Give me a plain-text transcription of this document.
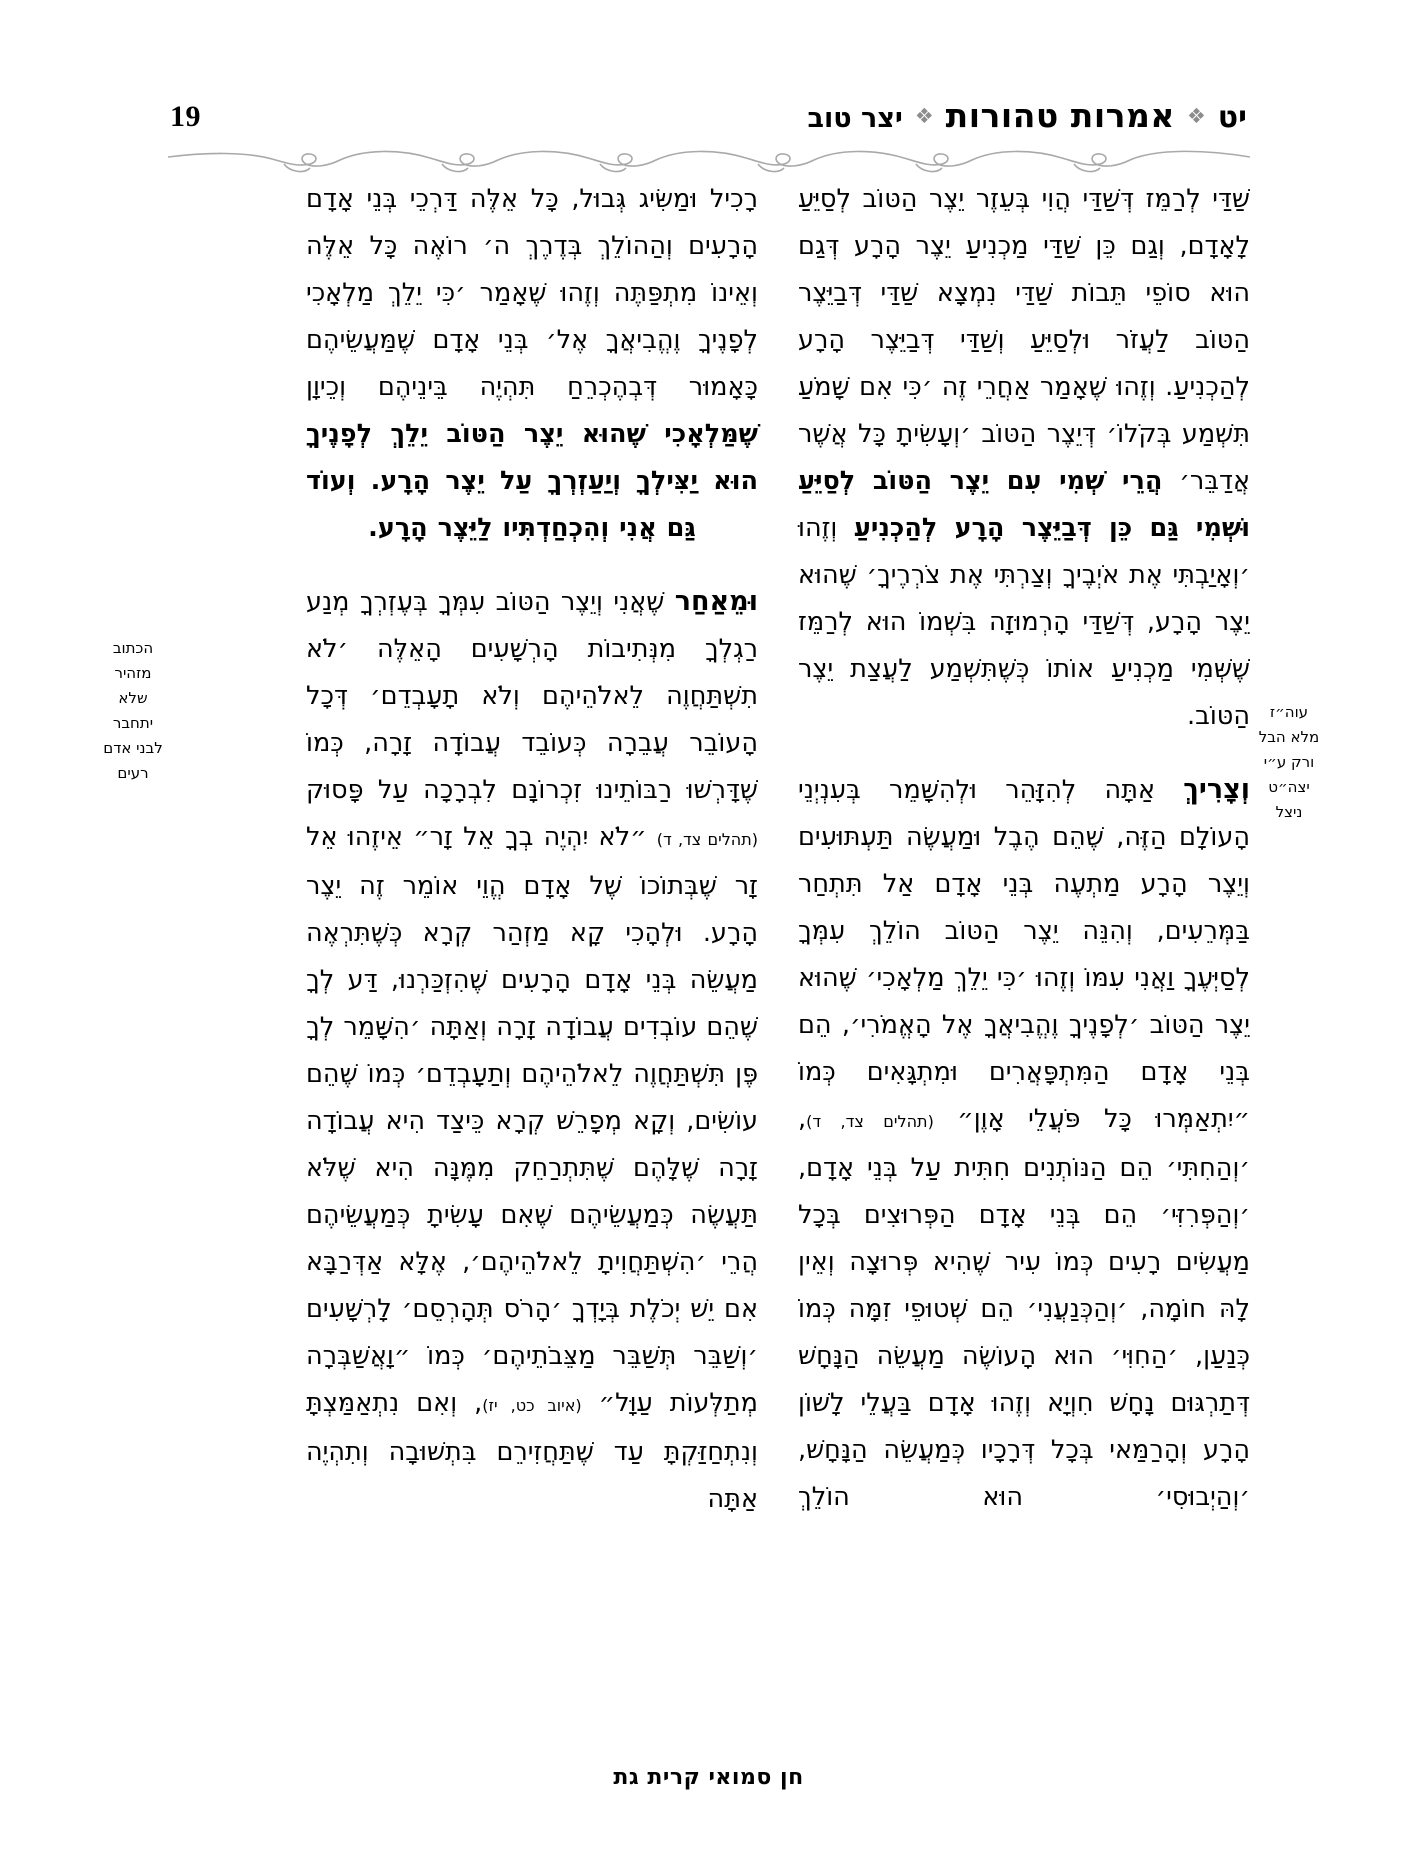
19	יט
❖
אמרות טהורות
❖
יצר טוב
הכתוב
מזהיר
שלא
יתחבר
לבני אדם
רעים
עוה״ז
מלא הבל
ורק ע״י
יצה״ט
ניצל

שַׁדַּי לְרַמֵּז דְּשַׁדַּי הֲוִי בְּעֵזֶר יֵצֶר הַטּוֹב לְסַיֵּעַ לָאָדָם, וְגַם כֵּן שַׁדַּי מַכְנִיעַ יֵצֶר הָרָע דְּגַם הוּא סוֹפֵי תֵּבוֹת שַׁדַּי נִמְצָא שַׁדַּי דְּבַיֵּצֶר הַטּוֹב לַעֲזֹר וּלְסַיֵּעַ וְשַׁדַּי דְּבַיֵּצֶר הָרָע לְהַכְנִיעַ. וְזֶהוּ שֶׁאָמַר אַחֲרֵי זֶה ׳כִּי אִם שָׁמֹעַ תִּשְׁמַע בְּקֹלוֹ׳ דְּיֵצֶר הַטּוֹב ׳וְעָשִׂיתָ כָּל אֲשֶׁר אֲדַבֵּר׳ הֲרֵי שְׁמִי עִם יֵצֶר הַטּוֹב לְסַיֵּעַ וּשְׁמִי גַּם כֵּן דְּבַיֵּצֶר הָרָע לְהַכְנִיעַ וְזֶהוּ ׳וְאָיַבְתִּי אֶת אֹיְבֶיךָ וְצַרְתִּי אֶת צֹרְרֶיךָ׳ שֶׁהוּא יֵצֶר הָרָע, דְּשַׁדַּי הָרְמוּזָה בִּשְׁמוֹ הוּא לְרַמֵּז שֶׁשְּׁמִי מַכְנִיעַ אוֹתוֹ כְּשֶׁתִּשְׁמַע לַעֲצַת יֵצֶר הַטּוֹב.

וְצָרִיךְ אַתָּה לְהִזָּהֵר וּלְהִשָּׁמֵר בְּעִנְיְנֵי הָעוֹלָם הַזֶּה, שֶׁהֵם הֶבֶל וּמַעֲשֶׂה תַּעְתּוּעִים וְיֵצֶר הָרָע מַתְעֶה בְּנֵי אָדָם אַל תִּתְחַר בַּמְּרֵעִים, וְהִנֵּה יֵצֶר הַטּוֹב הוֹלֵךְ עִמְּךָ לְסַיְּעֶךָ וַאֲנִי עִמּוֹ וְזֶהוּ ׳כִּי יֵלֵךְ מַלְאָכִי׳ שֶׁהוּא יֵצֶר הַטּוֹב ׳לְפָנֶיךָ וֶהֱבִיאֲךָ אֶל הָאֱמֹרִי׳, הֵם בְּנֵי אָדָם הַמִּתְפָּאֲרִים וּמִתְגָּאִים כְּמוֹ ״יִתְאַמְּרוּ כָּל פֹּעֲלֵי אָוֶן״ (תהלים צד, ד), ׳וְהַחִתִּי׳ הֵם הַנּוֹתְנִים חִתִּית עַל בְּנֵי אָדָם, ׳וְהַפְּרִזִּי׳ הֵם בְּנֵי אָדָם הַפְּרוּצִים בְּכָל מַעֲשִׂים רָעִים כְּמוֹ עִיר שֶׁהִיא פְּרוּצָה וְאֵין לָהּ חוֹמָה, ׳וְהַכְּנַעֲנִי׳ הֵם שְׁטוּפֵי זִמָּה כְּמוֹ כְּנַעַן, ׳הַחִוִּי׳ הוּא הָעוֹשֶׂה מַעֲשֵׂה הַנָּחָשׁ דְּתַרְגּוּם נָחָשׁ חִוְיָא וְזֶהוּ אָדָם בַּעֲלֵי לָשׁוֹן הָרָע וְהָרַמַּאי בְּכָל דְּרָכָיו כְּמַעֲשֵׂה הַנָּחָשׁ, ׳וְהַיְבוּסִי׳ הוּא הוֹלֵךְ

רָכִיל וּמַשִּׂיג גְּבוּל, כָּל אֵלֶּה דַּרְכֵי בְּנֵי אָדָם הָרָעִים וְהַהוֹלֵךְ בְּדֶרֶךְ ה׳ רוֹאֶה כָּל אֵלֶּה וְאֵינוֹ מִתְפַּתֶּה וְזֶהוּ שֶׁאָמַר ׳כִּי יֵלֵךְ מַלְאָכִי לְפָנֶיךָ וֶהֱבִיאֲךָ אֶל׳ בְּנֵי אָדָם שֶׁמַּעֲשֵׂיהֶם כָּאָמוּר דְּבְהֶכְרֵחַ תִּהְיֶה בֵּינֵיהֶם וְכֵיוָן שֶׁמַּלְאָכִי שֶׁהוּא יֵצֶר הַטּוֹב יֵלֵךְ לְפָנֶיךָ הוּא יַצִּילְךָ וְיַעַזְרְךָ עַל יֵצֶר הָרָע. וְעוֹד גַּם אֲנִי וְהִכְחַדְתִּיו לַיֵּצֶר הָרָע.

וּמֵאַחַר שֶׁאֲנִי וְיֵצֶר הַטּוֹב עִמְּךָ בְּעֶזְרְךָ מְנַע רַגְלְךָ מִנְּתִיבוֹת הָרְשָׁעִים הָאֵלֶּה ׳לֹא תִשְׁתַּחֲוֶה לֵאלֹהֵיהֶם וְלֹא תָעָבְדֵם׳ דְּכָל הָעוֹבֵר עֲבֵרָה כְּעוֹבֵד עֲבוֹדָה זָרָה, כְּמוֹ שֶׁדָּרְשׁוּ רַבּוֹתֵינוּ זִכְרוֹנָם לִבְרָכָה עַל פָּסוּק (תהלים צד, ד) ״לֹא יִהְיֶה בְךָ אֵל זָר״ אֵיזֶהוּ אֵל זָר שֶׁבְּתוֹכוֹ שֶׁל אָדָם הֱוֵי אוֹמֵר זֶה יֵצֶר הָרָע. וּלְהָכִי קָא מַזְהַר קְרָא כְּשֶׁתִּרְאֶה מַעֲשֵׂה בְּנֵי אָדָם הָרָעִים שֶׁהִזְכַּרְנוּ, דַּע לְךָ שֶׁהֵם עוֹבְדִים עֲבוֹדָה זָרָה וְאַתָּה ׳הִשָּׁמֵר לְךָ פֶּן תִּשְׁתַּחֲוֶה לֵאלֹהֵיהֶם וְתַעָבְדֵם׳ כְּמוֹ שֶׁהֵם עוֹשִׂים, וְקָא מְפָרֵשׁ קְרָא כֵּיצַד הִיא עֲבוֹדָה זָרָה שֶׁלָּהֶם שֶׁתִּתְרַחֵק מִמֶּנָּה הִיא שֶׁלֹּא תַּעֲשֶׂה כְּמַעֲשֵׂיהֶם שֶׁאִם עָשִׂיתָ כְּמַעֲשֵׂיהֶם הֲרֵי ׳הִשְׁתַּחֲוִיתָ לֵאלֹהֵיהֶם׳, אֶלָּא אַדְּרַבָּא אִם יֵשׁ יְכֹלֶת בְּיָדְךָ ׳הָרֹס תְּהָרְסֵם׳ לָרְשָׁעִים ׳וְשַׁבֵּר תְּשַׁבֵּר מַצֵּבֹתֵיהֶם׳ כְּמוֹ ״וָאֲשַׁבְּרָה מְתַלְּעוֹת עַוָּל״ (איוב כט, יז), וְאִם נִתְאַמַּצְתָּ וְנִתְחַזַּקְתָּ עַד שֶׁתַּחֲזִירֵם בִּתְשׁוּבָה וְתִהְיֶה אַתָּה

חן סמואי קרית גת
